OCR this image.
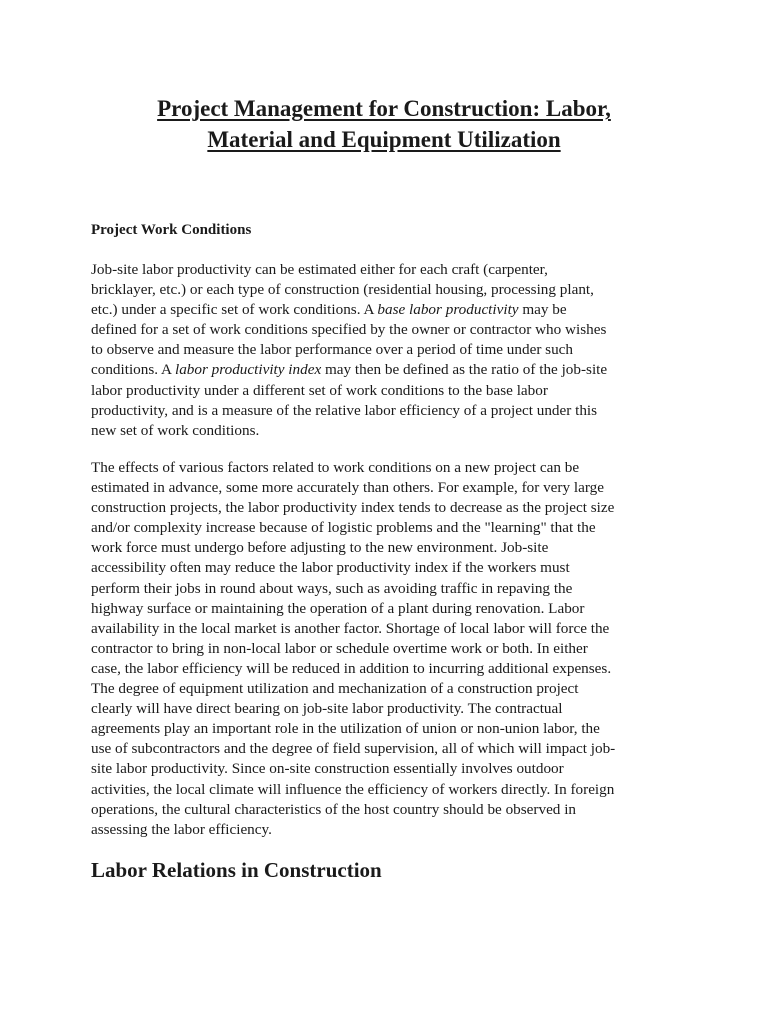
Project Management for Construction: Labor,
Material and Equipment Utilization
Project Work Conditions

Job-site labor productivity can be estimated either for each craft (carpenter,
bricklayer, etc.) or each type of construction (residential housing, processing plant,
etc.) under a specific set of work conditions. A base labor productivity may be
defined for a set of work conditions specified by the owner or contractor who wishes
to observe and measure the labor performance over a period of time under such
conditions. A labor productivity index may then be defined as the ratio of the job-site
labor productivity under a different set of work conditions to the base labor
productivity, and is a measure of the relative labor efficiency of a project under this
new set of work conditions.

The effects of various factors related to work conditions on a new project can be
estimated in advance, some more accurately than others. For example, for very large
construction projects, the labor productivity index tends to decrease as the project size
and/or complexity increase because of logistic problems and the "learning" that the
work force must undergo before adjusting to the new environment. Job-site
accessibility often may reduce the labor productivity index if the workers must
perform their jobs in round about ways, such as avoiding traffic in repaving the
highway surface or maintaining the operation of a plant during renovation. Labor
availability in the local market is another factor. Shortage of local labor will force the
contractor to bring in non-local labor or schedule overtime work or both. In either
case, the labor efficiency will be reduced in addition to incurring additional expenses.
The degree of equipment utilization and mechanization of a construction project
clearly will have direct bearing on job-site labor productivity. The contractual
agreements play an important role in the utilization of union or non-union labor, the
use of subcontractors and the degree of field supervision, all of which will impact job-
site labor productivity. Since on-site construction essentially involves outdoor
activities, the local climate will influence the efficiency of workers directly. In foreign
operations, the cultural characteristics of the host country should be observed in
assessing the labor efficiency.

Labor Relations in Construction
